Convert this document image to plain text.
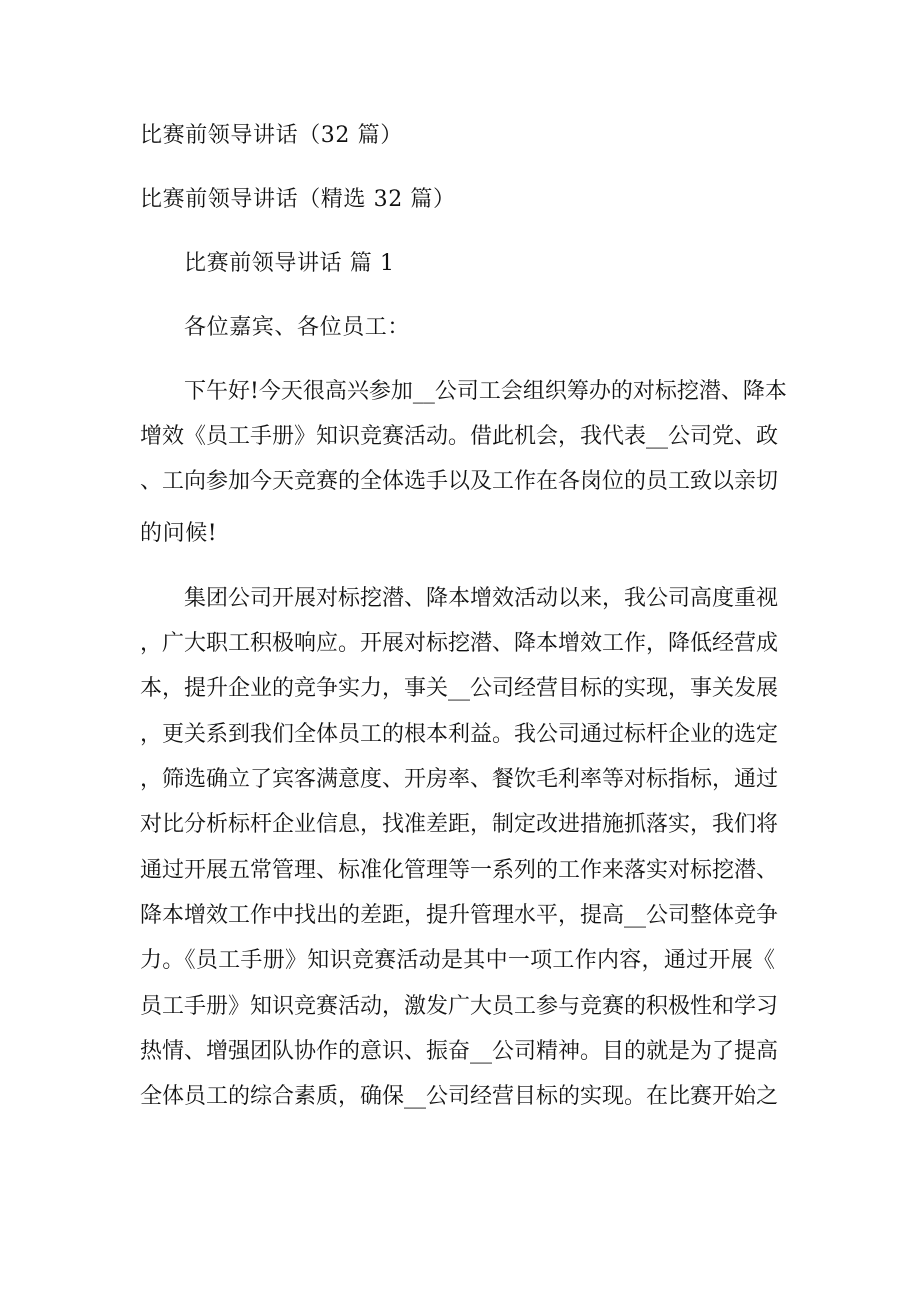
比赛前领导讲话（32 篇）
比赛前领导讲话（精选 32 篇）
比赛前领导讲话 篇 1
各位嘉宾、各位员工：
下午好!今天很高兴参加__公司工会组织筹办的对标挖潜、降本
增效《员工手册》知识竞赛活动。借此机会，我代表__公司党、政
、工向参加今天竞赛的全体选手以及工作在各岗位的员工致以亲切
的问候!
集团公司开展对标挖潜、降本增效活动以来，我公司高度重视
，广大职工积极响应。开展对标挖潜、降本增效工作，降低经营成
本，提升企业的竞争实力，事关__公司经营目标的实现，事关发展
，更关系到我们全体员工的根本利益。我公司通过标杆企业的选定
，筛选确立了宾客满意度、开房率、餐饮毛利率等对标指标，通过
对比分析标杆企业信息，找准差距，制定改进措施抓落实，我们将
通过开展五常管理、标准化管理等一系列的工作来落实对标挖潜、
降本增效工作中找出的差距，提升管理水平，提高__公司整体竞争
力。《员工手册》知识竞赛活动是其中一项工作内容，通过开展《
员工手册》知识竞赛活动，激发广大员工参与竞赛的积极性和学习
热情、增强团队协作的意识、振奋__公司精神。目的就是为了提高
全体员工的综合素质，确保__公司经营目标的实现。在比赛开始之
